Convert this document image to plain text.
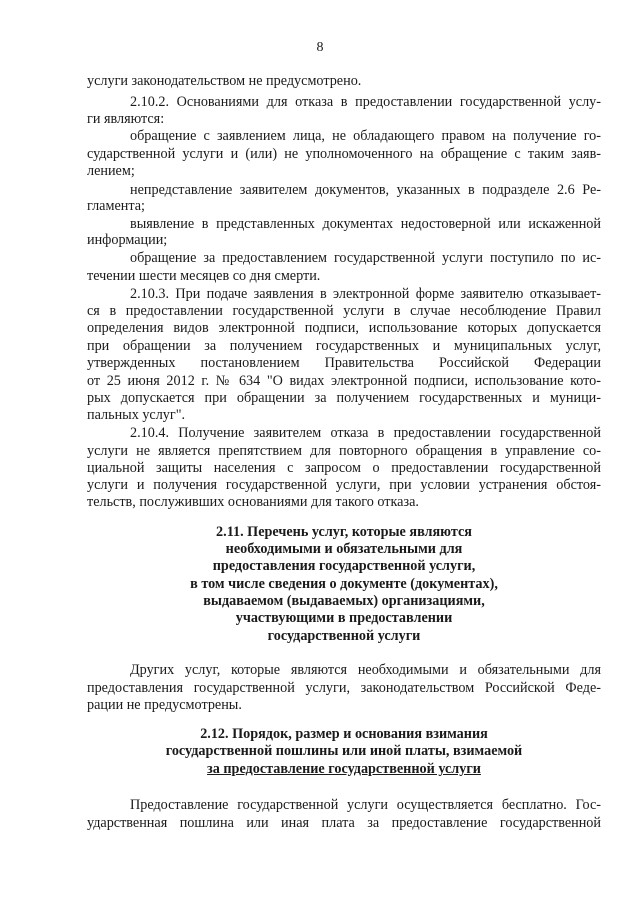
8
услуги законодательством не предусмотрено.
2.10.2. Основаниями для отказа в предоставлении государственной услу-
ги являются:
обращение с заявлением лица, не обладающего правом на получение го-
сударственной услуги и (или) не уполномоченного на обращение с таким заяв-
лением;
непредставление заявителем документов, указанных в подразделе 2.6 Ре-
гламента;
выявление в представленных документах недостоверной или искаженной
информации;
обращение за предоставлением государственной услуги поступило по ис-
течении шести месяцев со дня смерти.
2.10.3. При подаче заявления в электронной форме заявителю отказывает-
ся в предоставлении государственной услуги в случае несоблюдение Правил
определения видов электронной подписи, использование которых допускается
при обращении за получением государственных и муниципальных услуг,
утвержденных постановлением Правительства Российской Федерации
от 25 июня 2012 г. № 634 "О видах электронной подписи, использование кото-
рых допускается при обращении за получением государственных и муници-
пальных услуг".
2.10.4. Получение заявителем отказа в предоставлении государственной
услуги не является препятствием для повторного обращения в управление со-
циальной защиты населения с запросом о предоставлении государственной
услуги и получения государственной услуги, при условии устранения обстоя-
тельств, послуживших основаниями для такого отказа.
2.11. Перечень услуг, которые являются
необходимыми и обязательными для
предоставления государственной услуги,
в том числе сведения о документе (документах),
выдаваемом (выдаваемых) организациями,
участвующими в предоставлении
государственной услуги
Других услуг, которые являются необходимыми и обязательными для
предоставления государственной услуги, законодательством Российской Феде-
рации не предусмотрены.
2.12. Порядок, размер и основания взимания
государственной пошлины или иной платы, взимаемой
за предоставление государственной услуги
Предоставление государственной услуги осуществляется бесплатно. Гос-
ударственная пошлина или иная плата за предоставление государственной
